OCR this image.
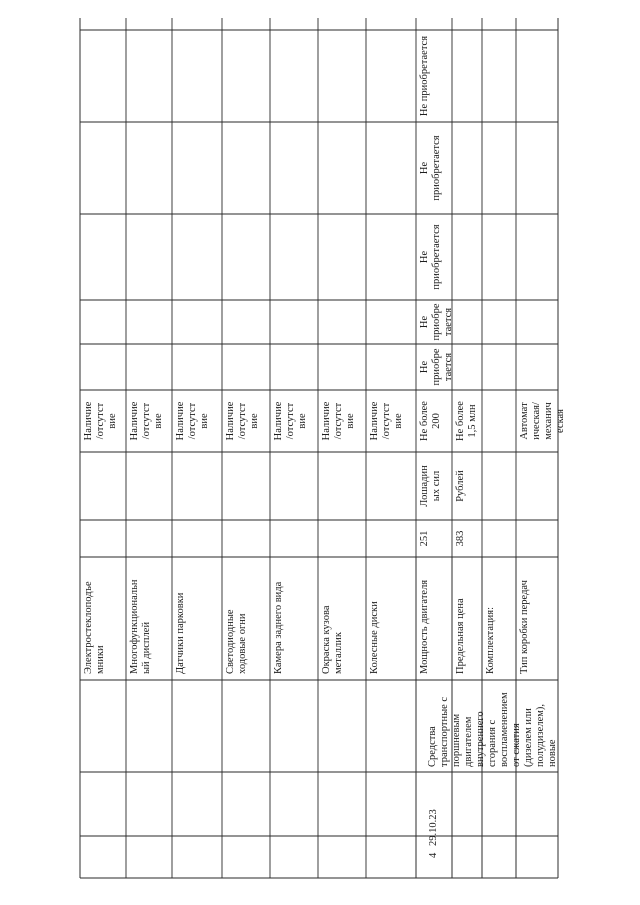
4
29.10.23
Средства
транспортные с
поршневым
двигателем
внутреннего
сгорания с
воспламенением
от сжатия
(дизелем или
полудизелем),
новые
Электростеклоподъе
мники
Наличие
/отсутст
вие
Многофункциональн
ый дисплей
Наличие
/отсутст
вие
Датчики парковки
Наличие
/отсутст
вие
Светодиодные
ходовые огни
Наличие
/отсутст
вие
Камера заднего вида
Наличие
/отсутст
вие
Окраска кузова
металлик
Наличие
/отсутст
вие
Колесные диски
Наличие
/отсутст
вие
Мощность двигателя
251
Лошадин
ых сил
Не более
200
Не
приобре
тается
Не
приобре
тается
Не
приобретается
Не
приобретается
Не приобретается
Предельная цена
383
Рублей
Не более
1,5 млн
Комплектация: Тип коробки передач
Автомат
ическая/
механич
еская
